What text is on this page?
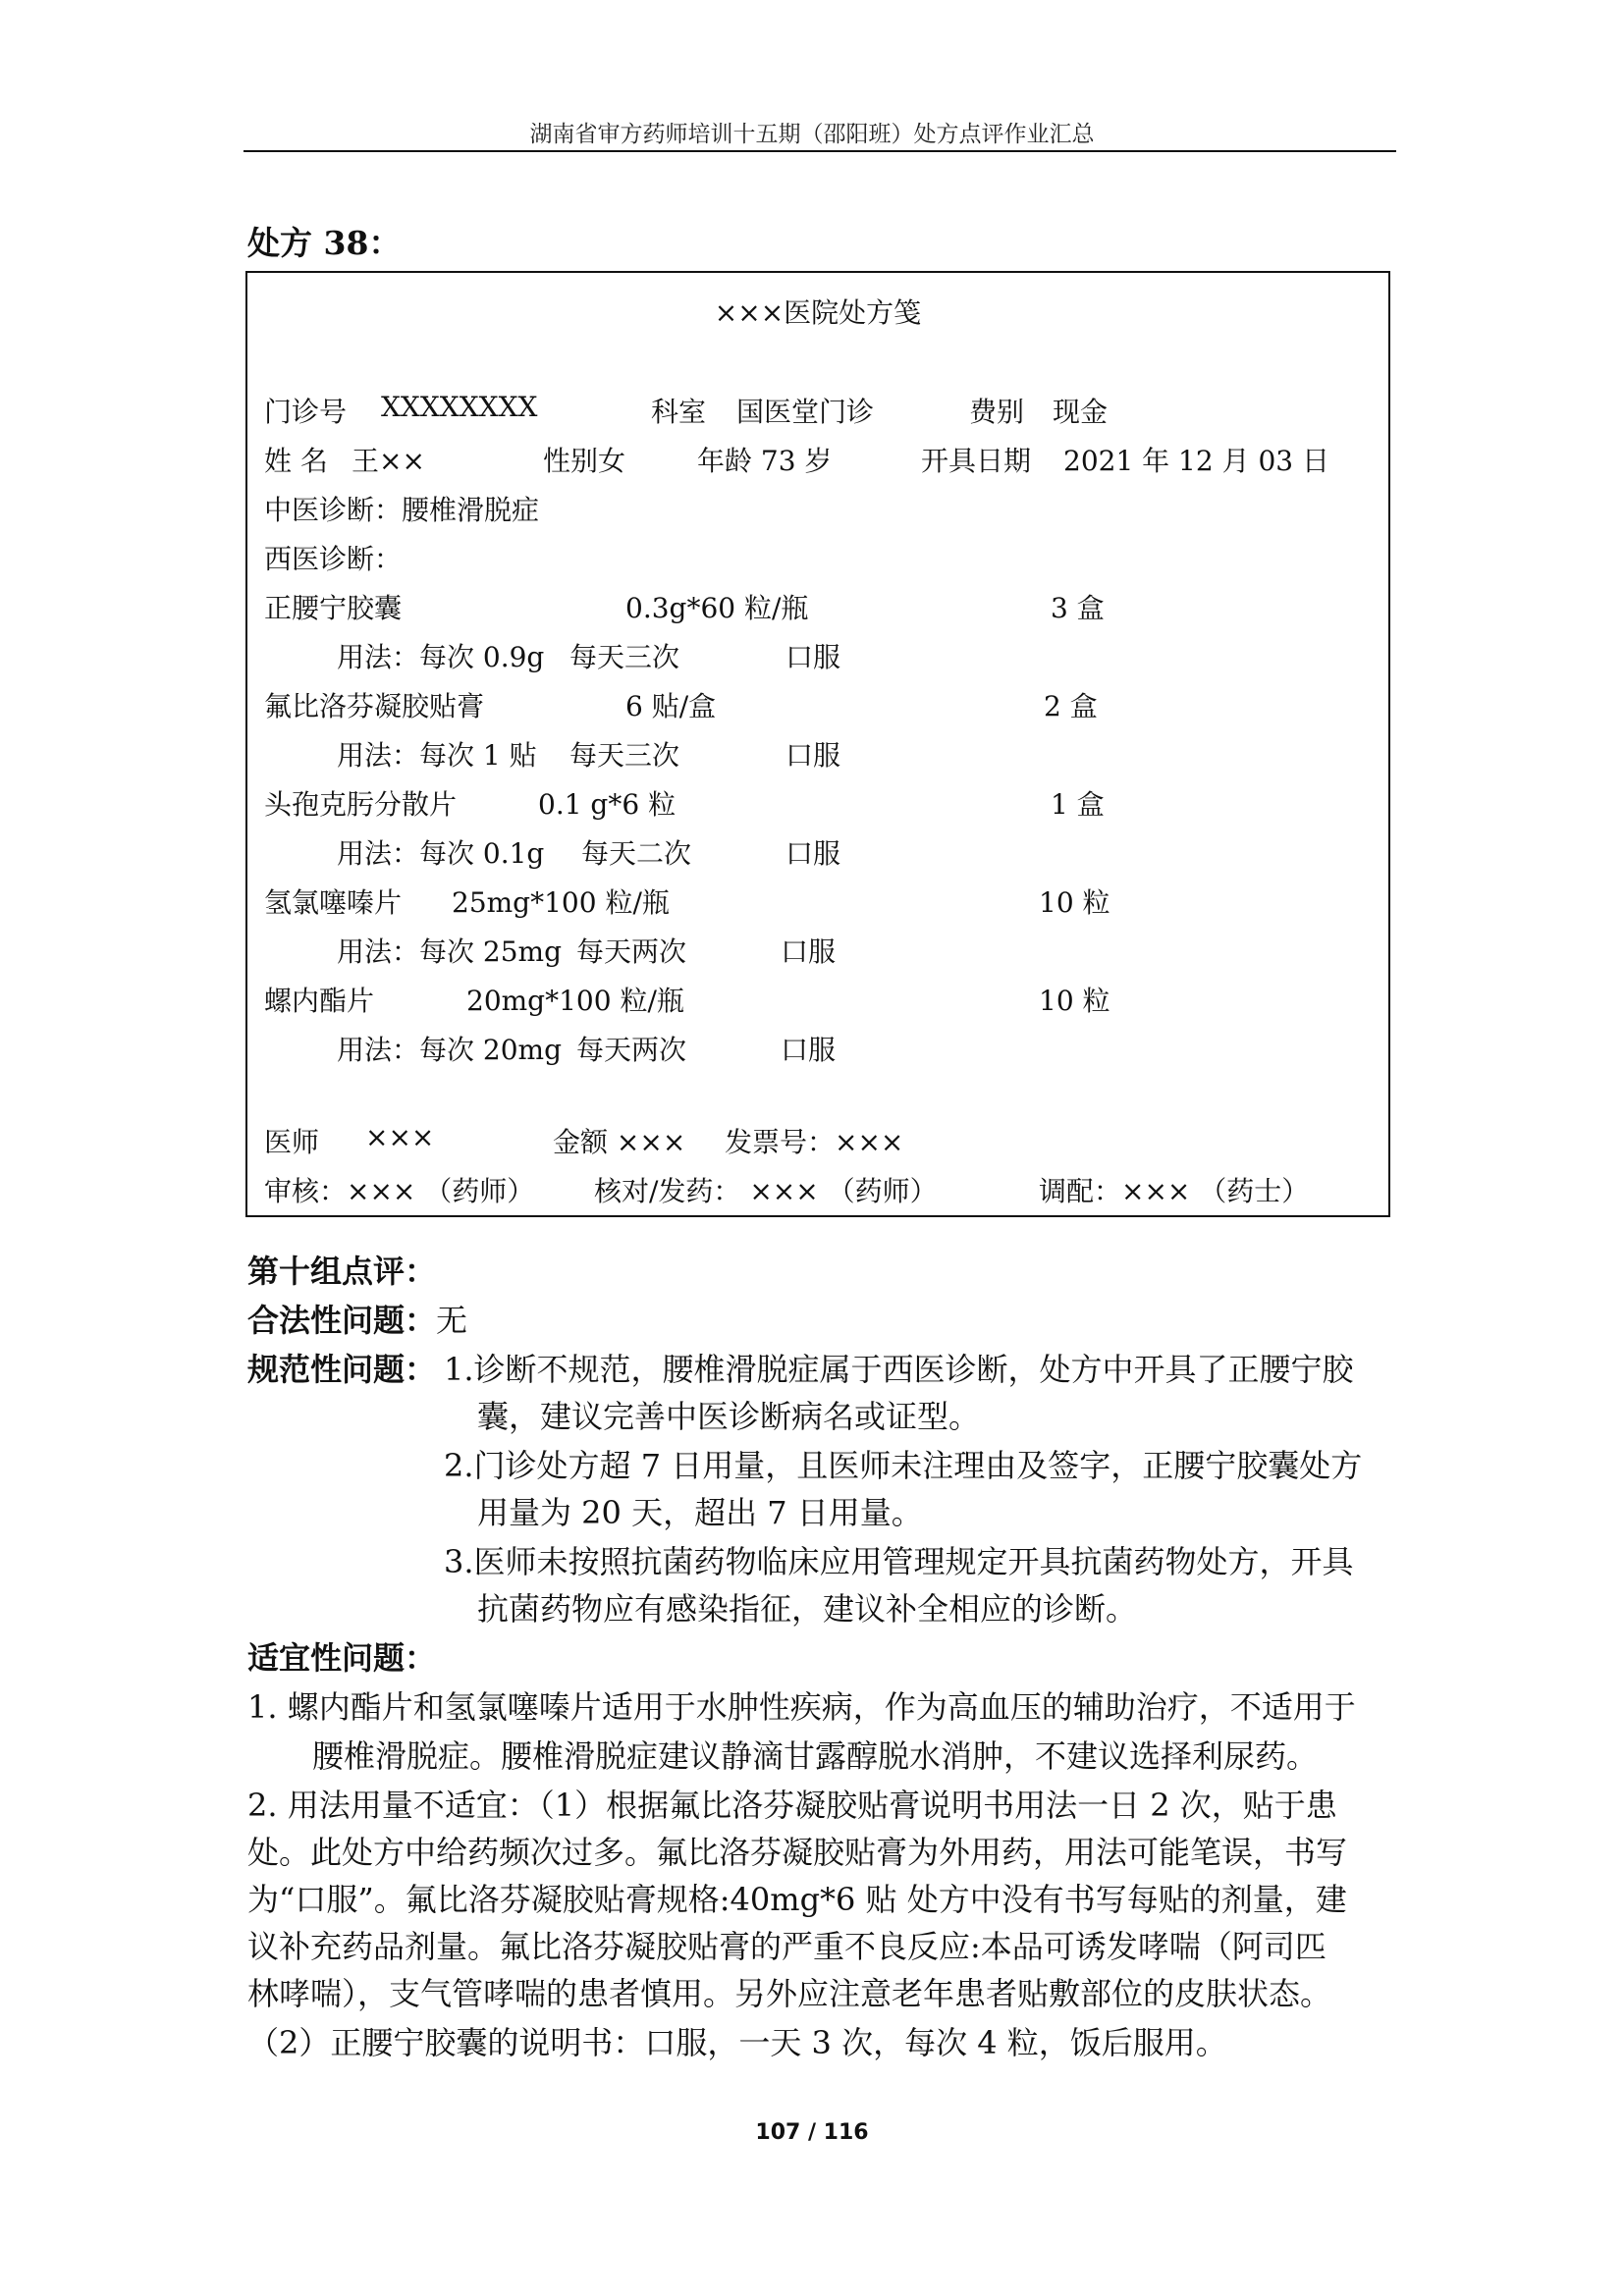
湖南省审方药师培训十五期（邵阳班）处方点评作业汇总
处方 38：
×××医院处方笺
门诊号 XXXXXXXX	科室 国医堂门诊	费别 现金
姓 名 王××	性别女	年龄 73 岁	开具日期 2021 年 12 月 03 日
中医诊断：腰椎滑脱症
西医诊断：
正腰宁胶囊	0.3g*60 粒/瓶	3 盒
用法：每次 0.9g 每天三次	口服
氟比洛芬凝胶贴膏	6 贴/盒	2 盒
用法：每次 1 贴 每天三次	口服
头孢克肟分散片	0.1 g*6 粒	1 盒
用法：每次 0.1g 每天二次	口服
氢氯噻嗪片 25mg*100 粒/瓶	10 粒
用法：每次 25mg 每天两次	口服
螺内酯片	20mg*100 粒/瓶	10 粒
用法：每次 20mg 每天两次	口服
医师 ×××	金额 ××× 发票号：×××
审核：××× （药师） 核对/发药： ××× （药师）	调配：××× （药士）
第十组点评：
合法性问题： 无
规范性问题： 1.诊断不规范，腰椎滑脱症属于西医诊断，处方中开具了正腰宁胶
囊，建议完善中医诊断病名或证型。
2.门诊处方超 7 日用量，且医师未注理由及签字，正腰宁胶囊处方
用量为 20 天，超出 7 日用量。
3.医师未按照抗菌药物临床应用管理规定开具抗菌药物处方，开具
抗菌药物应有感染指征，建议补全相应的诊断。
适宜性问题：
1. 螺内酯片和氢氯噻嗪片适用于水肿性疾病，作为高血压的辅助治疗，不适用于
腰椎滑脱症。腰椎滑脱症建议静滴甘露醇脱水消肿，不建议选择利尿药。
2. 用法用量不适宜：（1）根据氟比洛芬凝胶贴膏说明书用法一日 2 次，贴于患
处。此处方中给药频次过多。氟比洛芬凝胶贴膏为外用药，用法可能笔误，书写
为“口服”。氟比洛芬凝胶贴膏规格:40mg*6 贴 处方中没有书写每贴的剂量，建
议补充药品剂量。氟比洛芬凝胶贴膏的严重不良反应:本品可诱发哮喘（阿司匹
林哮喘），支气管哮喘的患者慎用。另外应注意老年患者贴敷部位的皮肤状态。
（2）正腰宁胶囊的说明书：口服，一天 3 次，每次 4 粒，饭后服用。
107 / 116
